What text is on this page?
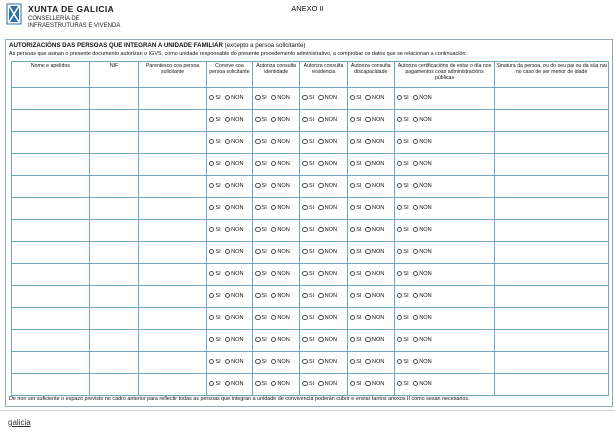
XUNTA DE GALICIA
CONSELLERÍA DE
INFRAESTRUTURAS E VIVENDA
ANEXO II
AUTORIZACIÓNS DAS PERSOAS QUE INTEGRAN A UNIDADE FAMILIAR (excepto a persoa solicitante)
As persoas que asinan o presente documento autorizan o IGVS, como unidade responsable do presente procedemento administrativo, a comprobar os datos que se relacionan a continuación:
Nome e apelidos	NIF	Parentesco coa persoa solicitante	Convive coa persoa solicitante	Autoriza consulta identidade	Autoriza consulta residencia	Autoriza consulta discapacidade	Autoriza certificacións de estar o día nos pagamentos coas administracións públicas	Sinatura da persoa, ou do seu pai ou da súa nai no caso de ser menor de idade

			SI NON	SI NON	SI NON	SI NON	SI NON	

			SI NON	SI NON	SI NON	SI NON	SI NON	

			SI NON	SI NON	SI NON	SI NON	SI NON	

			SI NON	SI NON	SI NON	SI NON	SI NON	

			SI NON	SI NON	SI NON	SI NON	SI NON	

			SI NON	SI NON	SI NON	SI NON	SI NON	

			SI NON	SI NON	SI NON	SI NON	SI NON	

			SI NON	SI NON	SI NON	SI NON	SI NON	

			SI NON	SI NON	SI NON	SI NON	SI NON	

			SI NON	SI NON	SI NON	SI NON	SI NON	

			SI NON	SI NON	SI NON	SI NON	SI NON	

			SI NON	SI NON	SI NON	SI NON	SI NON	

			SI NON	SI NON	SI NON	SI NON	SI NON	

			SI NON	SI NON	SI NON	SI NON	SI NON	

De non ser suficiente o espazo previsto no cadro anterior para reflectir todas as persoas que integran a unidade de convivencia poderán cubrir e enviar tantos anexos II como sexan necesarios.
galicia
